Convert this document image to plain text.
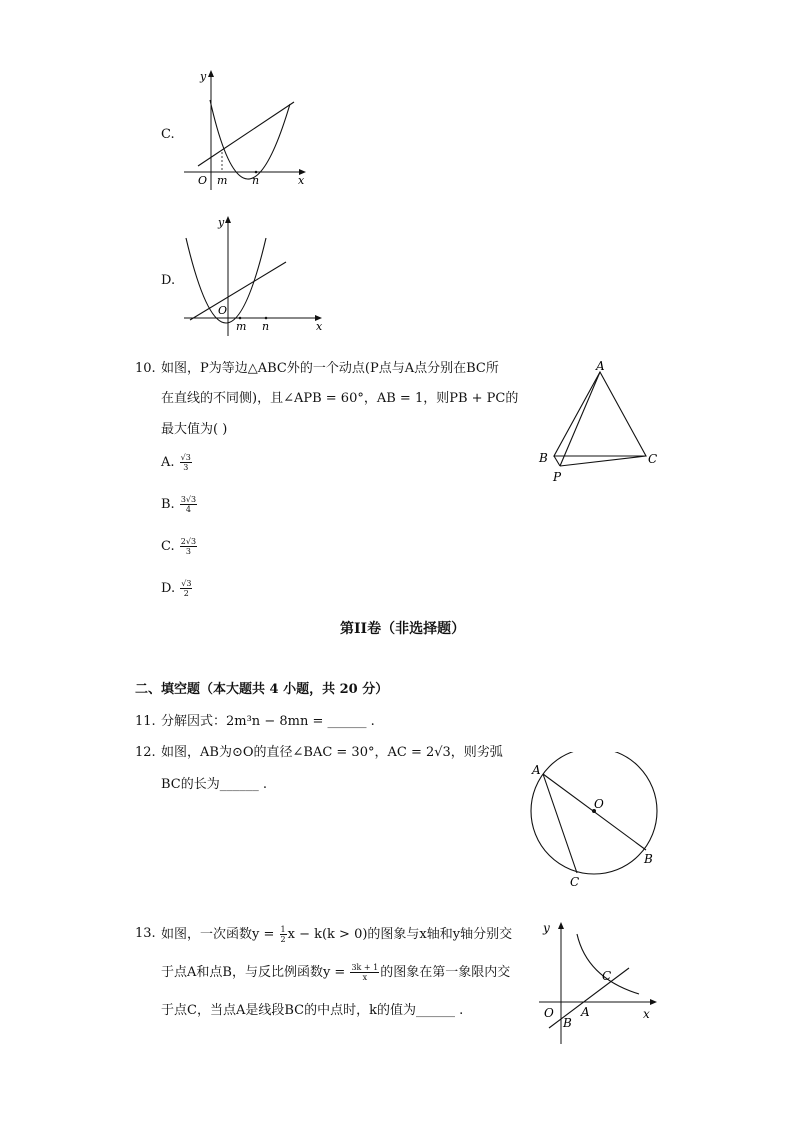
C.
y
x
O m n
D.
y
x
O
m n
10. 如图，P为等边△ABC外的一个动点(P点与A点分别在BC所
在直线的不同侧)，且∠APB = 60°，AB = 1，则PB + PC的
最大值为( )
A. $\frac{√3}{3}$
B. $\frac{3√3}{4}$
C. $\frac{2√3}{3}$
D. $\frac{√3}{2}$
A
B	C
P
第II卷（非选择题）
二、填空题（本大题共 4 小题，共 20 分）
11. 分解因式：2m³n − 8mn = ______ .
12. 如图，AB为⊙O的直径∠BAC = 30°，AC = 2√3，则劣弧
BC的长为______ .
A
O
B
C
13. 如图，一次函数$y = \frac{1}{2}$ x − k(k > 0)的图象与x轴和y轴分别交
于点A和点B，与反比例函数$y = \frac{3k + 1}{x}$ 的图象在第一象限内交
于点C，当点A是线段BC的中点时，k的值为______ .
y
x
O A
B
C
